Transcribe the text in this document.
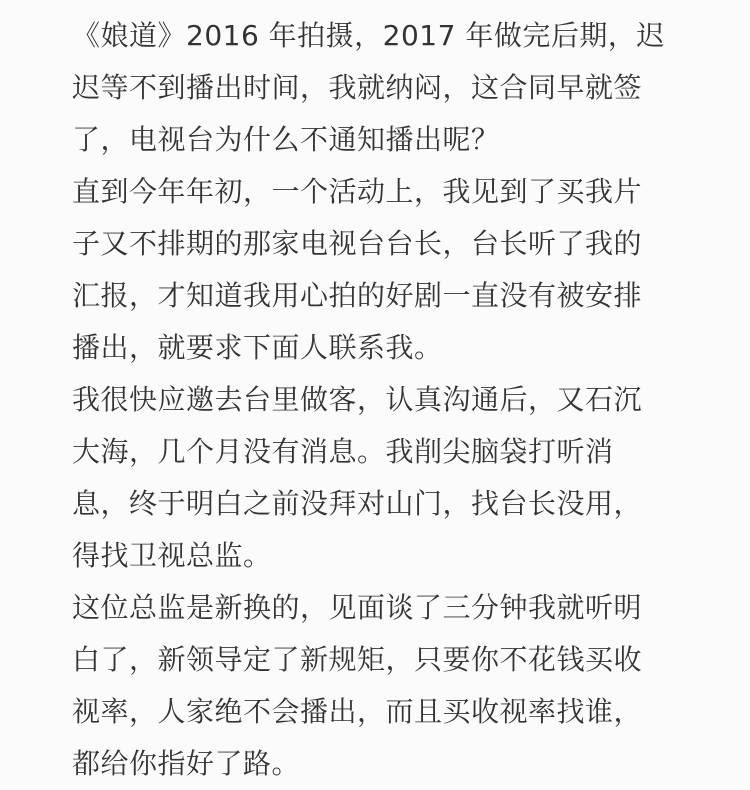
《娘道》2016 年拍摄，2017 年做完后期，迟
迟等不到播出时间，我就纳闷，这合同早就签
了，电视台为什么不通知播出呢？
直到今年年初，一个活动上，我见到了买我片
子又不排期的那家电视台台长，台长听了我的
汇报，才知道我用心拍的好剧一直没有被安排
播出，就要求下面人联系我。
我很快应邀去台里做客，认真沟通后，又石沉
大海，几个月没有消息。我削尖脑袋打听消
息，终于明白之前没拜对山门，找台长没用，
得找卫视总监。
这位总监是新换的，见面谈了三分钟我就听明
白了，新领导定了新规矩，只要你不花钱买收
视率，人家绝不会播出，而且买收视率找谁，
都给你指好了路。
